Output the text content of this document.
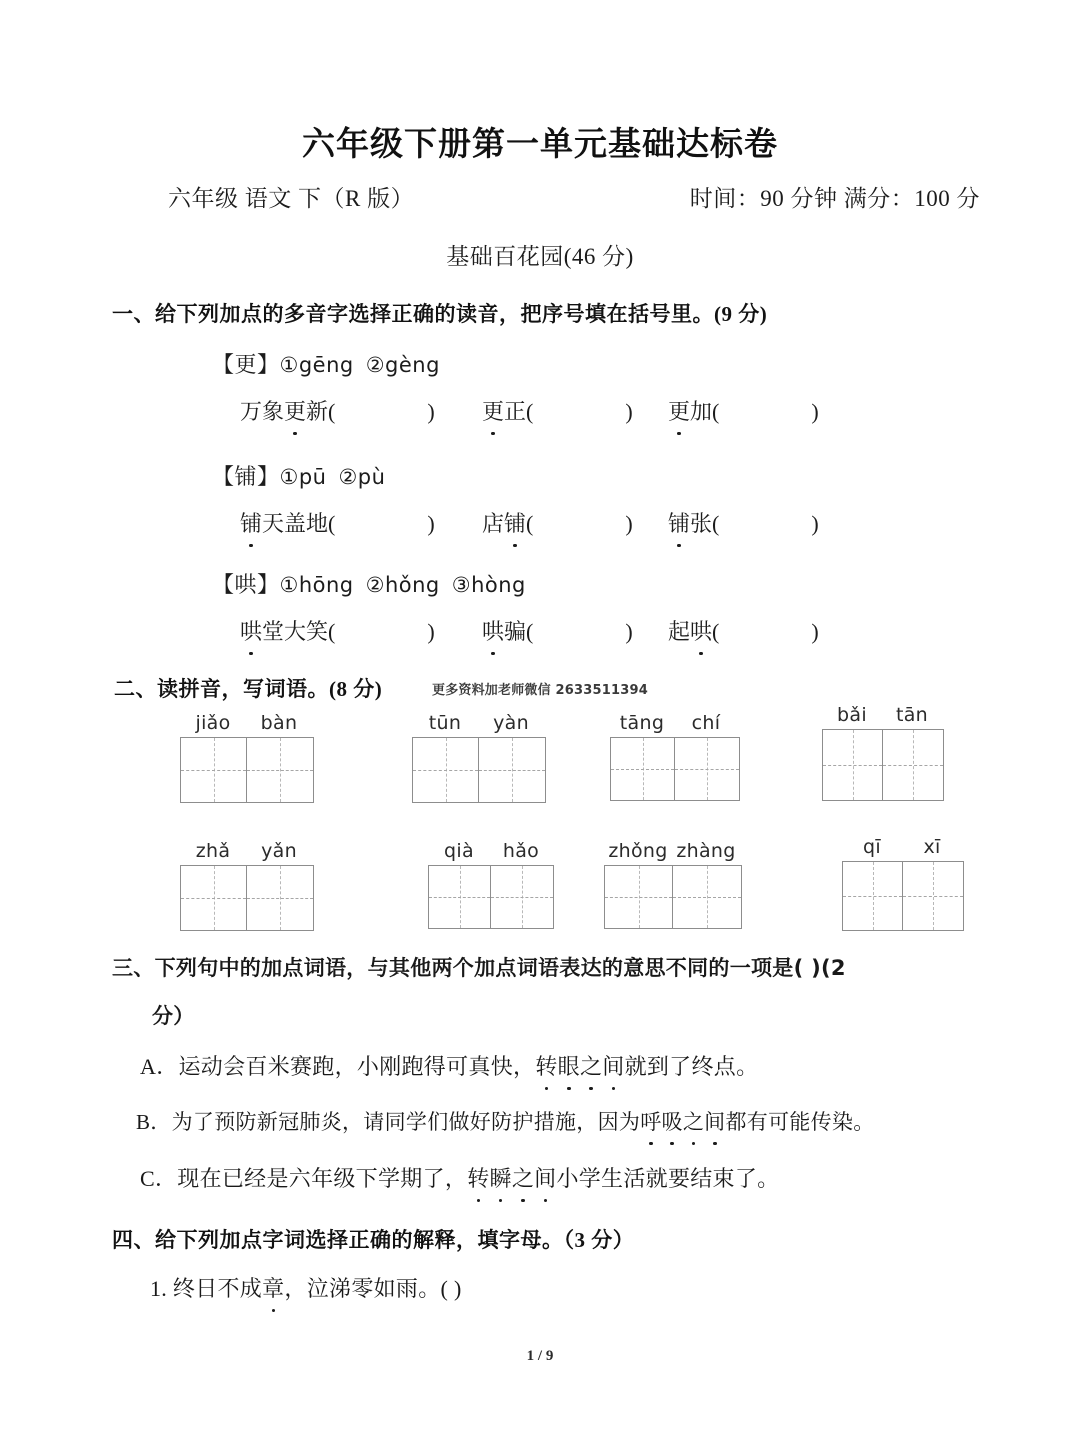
六年级下册第一单元基础达标卷
六年级 语文 下（R 版）	时间：90 分钟 满分：100 分
基础百花园(46 分)
一、给下列加点的多音字选择正确的读音，把序号填在括号里。(9 分)
【更】①gēng ②gèng
万象更新(	) 更正(	) 更加(	)
【铺】①pū ②pù
铺天盖地(	) 店铺(	) 铺张(	)
【哄】①hōng ②hǒng ③hòng
哄堂大笑(	) 哄骗(	) 起哄(	)
二、读拼音，写词语。(8 分)	更多资料加老师微信 2633511394
jiǎo	bàn	tūn	yàn	tāng	chí	bǎi	tān
zhǎ	yǎn	qià	hǎo	zhǒng zhàng	qī	xī
三、下列句中的加点词语，与其他两个加点词语表达的意思不同的一项是( )(2
分）
A．运动会百米赛跑，小刚跑得可真快，转眼之间就到了终点。
B．为了预防新冠肺炎，请同学们做好防护措施，因为呼吸之间都有可能传染。
C．现在已经是六年级下学期了，转瞬之间小学生活就要结束了。
四、给下列加点字词选择正确的解释，填字母。（3 分）
1. 终日不成章，泣涕零如雨。( )
1 / 9
